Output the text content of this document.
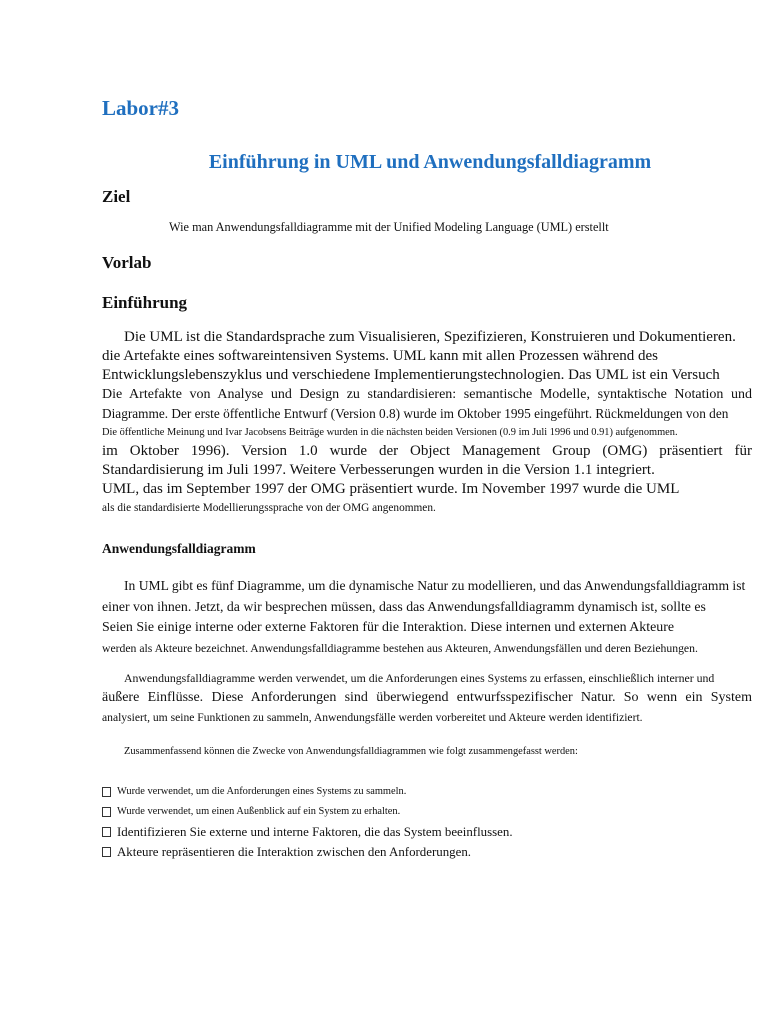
Labor#3
Einführung in UML und Anwendungsfalldiagramm
Ziel

Wie man Anwendungsfalldiagramme mit der Unified Modeling Language (UML) erstellt

Vorlab
Einführung
Die UML ist die Standardsprache zum Visualisieren, Spezifizieren, Konstruieren und Dokumentieren.
die Artefakte eines softwareintensiven Systems. UML kann mit allen Prozessen während des
Entwicklungslebenszyklus und verschiedene Implementierungstechnologien. Das UML ist ein Versuch
Die Artefakte von Analyse und Design zu standardisieren: semantische Modelle, syntaktische Notation und
Diagramme. Der erste öffentliche Entwurf (Version 0.8) wurde im Oktober 1995 eingeführt. Rückmeldungen von den
Die öffentliche Meinung und Ivar Jacobsens Beiträge wurden in die nächsten beiden Versionen (0.9 im Juli 1996 und 0.91) aufgenommen.
im Oktober 1996). Version 1.0 wurde der Object Management Group (OMG) präsentiert für
Standardisierung im Juli 1997. Weitere Verbesserungen wurden in die Version 1.1 integriert.
UML, das im September 1997 der OMG präsentiert wurde. Im November 1997 wurde die UML
als die standardisierte Modellierungssprache von der OMG angenommen.
Anwendungsfalldiagramm
In UML gibt es fünf Diagramme, um die dynamische Natur zu modellieren, und das Anwendungsfalldiagramm ist
einer von ihnen. Jetzt, da wir besprechen müssen, dass das Anwendungsfalldiagramm dynamisch ist, sollte es
Seien Sie einige interne oder externe Faktoren für die Interaktion. Diese internen und externen Akteure
werden als Akteure bezeichnet. Anwendungsfalldiagramme bestehen aus Akteuren, Anwendungsfällen und deren Beziehungen.
Anwendungsfalldiagramme werden verwendet, um die Anforderungen eines Systems zu erfassen, einschließlich interner und
äußere Einflüsse. Diese Anforderungen sind überwiegend entwurfsspezifischer Natur. So wenn ein System
analysiert, um seine Funktionen zu sammeln, Anwendungsfälle werden vorbereitet und Akteure werden identifiziert.

Zusammenfassend können die Zwecke von Anwendungsfalldiagrammen wie folgt zusammengefasst werden:

Wurde verwendet, um die Anforderungen eines Systems zu sammeln.
Wurde verwendet, um einen Außenblick auf ein System zu erhalten.
Identifizieren Sie externe und interne Faktoren, die das System beeinflussen.
Akteure repräsentieren die Interaktion zwischen den Anforderungen.
